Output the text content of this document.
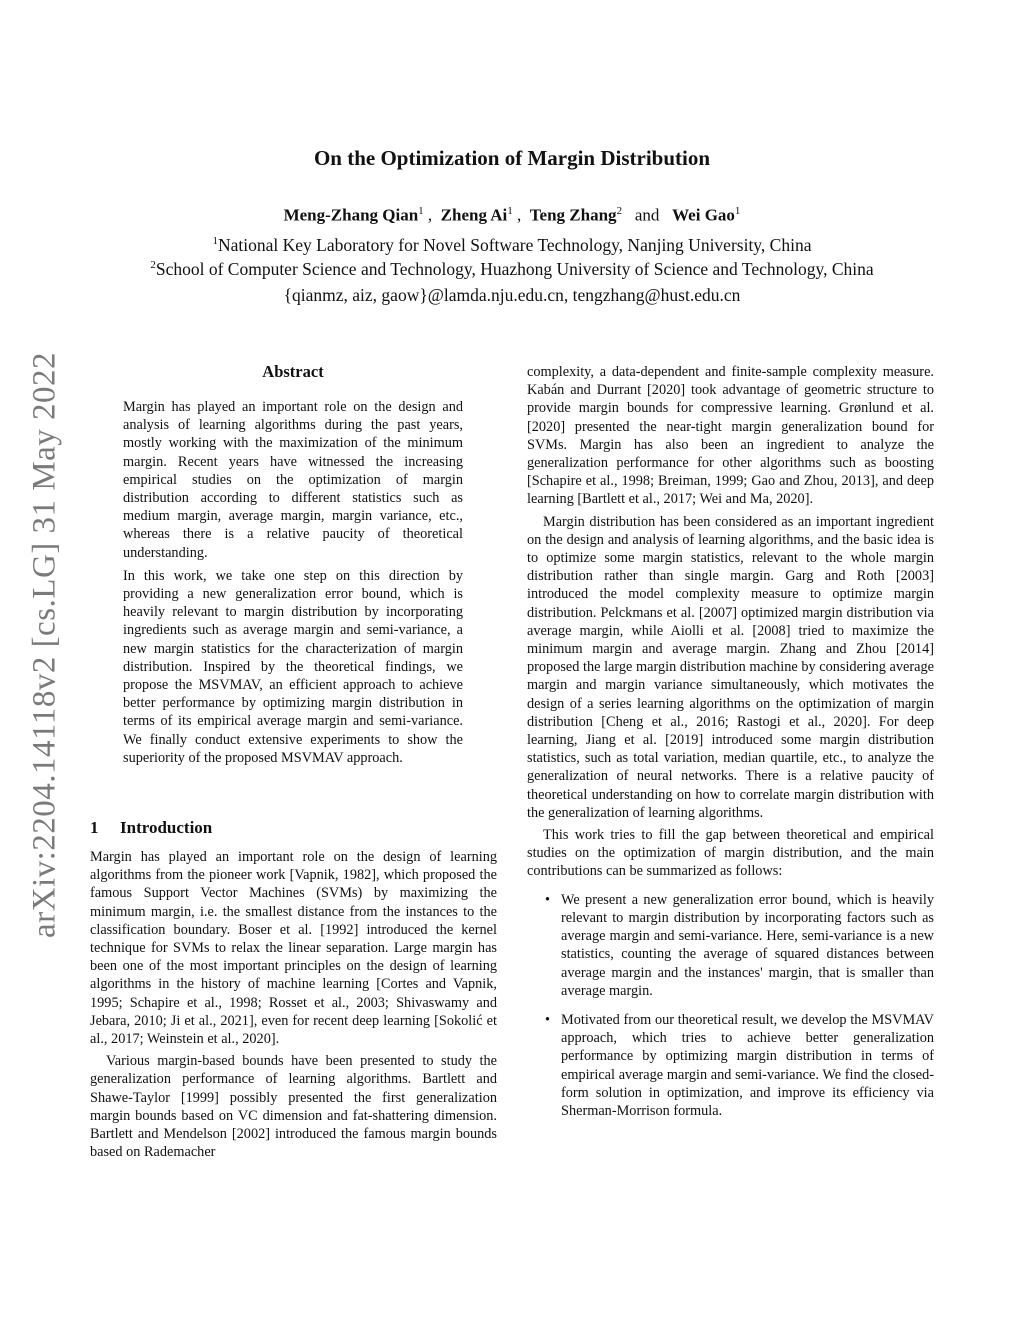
arXiv:2204.14118v2 [cs.LG] 31 May 2022
On the Optimization of Margin Distribution
Meng-Zhang Qian$^1$ , Zheng Ai$^1$ , Teng Zhang$^2$ and Wei Gao$^1$
$^1$National Key Laboratory for Novel Software Technology, Nanjing University, China
$^2$School of Computer Science and Technology, Huazhong University of Science and Technology, China
{qianmz, aiz, gaow}@lamda.nju.edu.cn, tengzhang@hust.edu.cn
Abstract

Margin has played an important role on the design and analysis of learning algorithms during the past years, mostly working with the maximization of the minimum margin. Recent years have witnessed the increasing empirical studies on the optimization of margin distribution according to different statistics such as medium margin, average margin, margin variance, etc., whereas there is a relative paucity of theoretical understanding.

In this work, we take one step on this direction by providing a new generalization error bound, which is heavily relevant to margin distribution by incorporating ingredients such as average margin and semi-variance, a new margin statistics for the characterization of margin distribution. Inspired by the theoretical findings, we propose the MSVMAV, an efficient approach to achieve better performance by optimizing margin distribution in terms of its empirical average margin and semi-variance. We finally conduct extensive experiments to show the superiority of the proposed MSVMAV approach.

1 Introduction

Margin has played an important role on the design of learning algorithms from the pioneer work [Vapnik, 1982], which proposed the famous Support Vector Machines (SVMs) by maximizing the minimum margin, i.e. the smallest distance from the instances to the classification boundary. Boser et al. [1992] introduced the kernel technique for SVMs to relax the linear separation. Large margin has been one of the most important principles on the design of learning algorithms in the history of machine learning [Cortes and Vapnik, 1995; Schapire et al., 1998; Rosset et al., 2003; Shivaswamy and Jebara, 2010; Ji et al., 2021], even for recent deep learning [Sokolić et al., 2017; Weinstein et al., 2020].

Various margin-based bounds have been presented to study the generalization performance of learning algorithms. Bartlett and Shawe-Taylor [1999] possibly presented the first generalization margin bounds based on VC dimension and fat-shattering dimension. Bartlett and Mendelson [2002] introduced the famous margin bounds based on Rademacher

complexity, a data-dependent and finite-sample complexity measure. Kabán and Durrant [2020] took advantage of geometric structure to provide margin bounds for compressive learning. Grønlund et al. [2020] presented the near-tight margin generalization bound for SVMs. Margin has also been an ingredient to analyze the generalization performance for other algorithms such as boosting [Schapire et al., 1998; Breiman, 1999; Gao and Zhou, 2013], and deep learning [Bartlett et al., 2017; Wei and Ma, 2020].

Margin distribution has been considered as an important ingredient on the design and analysis of learning algorithms, and the basic idea is to optimize some margin statistics, relevant to the whole margin distribution rather than single margin. Garg and Roth [2003] introduced the model complexity measure to optimize margin distribution. Pelckmans et al. [2007] optimized margin distribution via average margin, while Aiolli et al. [2008] tried to maximize the minimum margin and average margin. Zhang and Zhou [2014] proposed the large margin distribution machine by considering average margin and margin variance simultaneously, which motivates the design of a series learning algorithms on the optimization of margin distribution [Cheng et al., 2016; Rastogi et al., 2020]. For deep learning, Jiang et al. [2019] introduced some margin distribution statistics, such as total variation, median quartile, etc., to analyze the generalization of neural networks. There is a relative paucity of theoretical understanding on how to correlate margin distribution with the generalization of learning algorithms.

This work tries to fill the gap between theoretical and empirical studies on the optimization of margin distribution, and the main contributions can be summarized as follows:

• We present a new generalization error bound, which is heavily relevant to margin distribution by incorporating factors such as average margin and semi-variance. Here, semi-variance is a new statistics, counting the average of squared distances between average margin and the instances' margin, that is smaller than average margin.
• Motivated from our theoretical result, we develop the MSVMAV approach, which tries to achieve better generalization performance by optimizing margin distribution in terms of empirical average margin and semi-variance. We find the closed-form solution in optimization, and improve its efficiency via Sherman-Morrison formula.
